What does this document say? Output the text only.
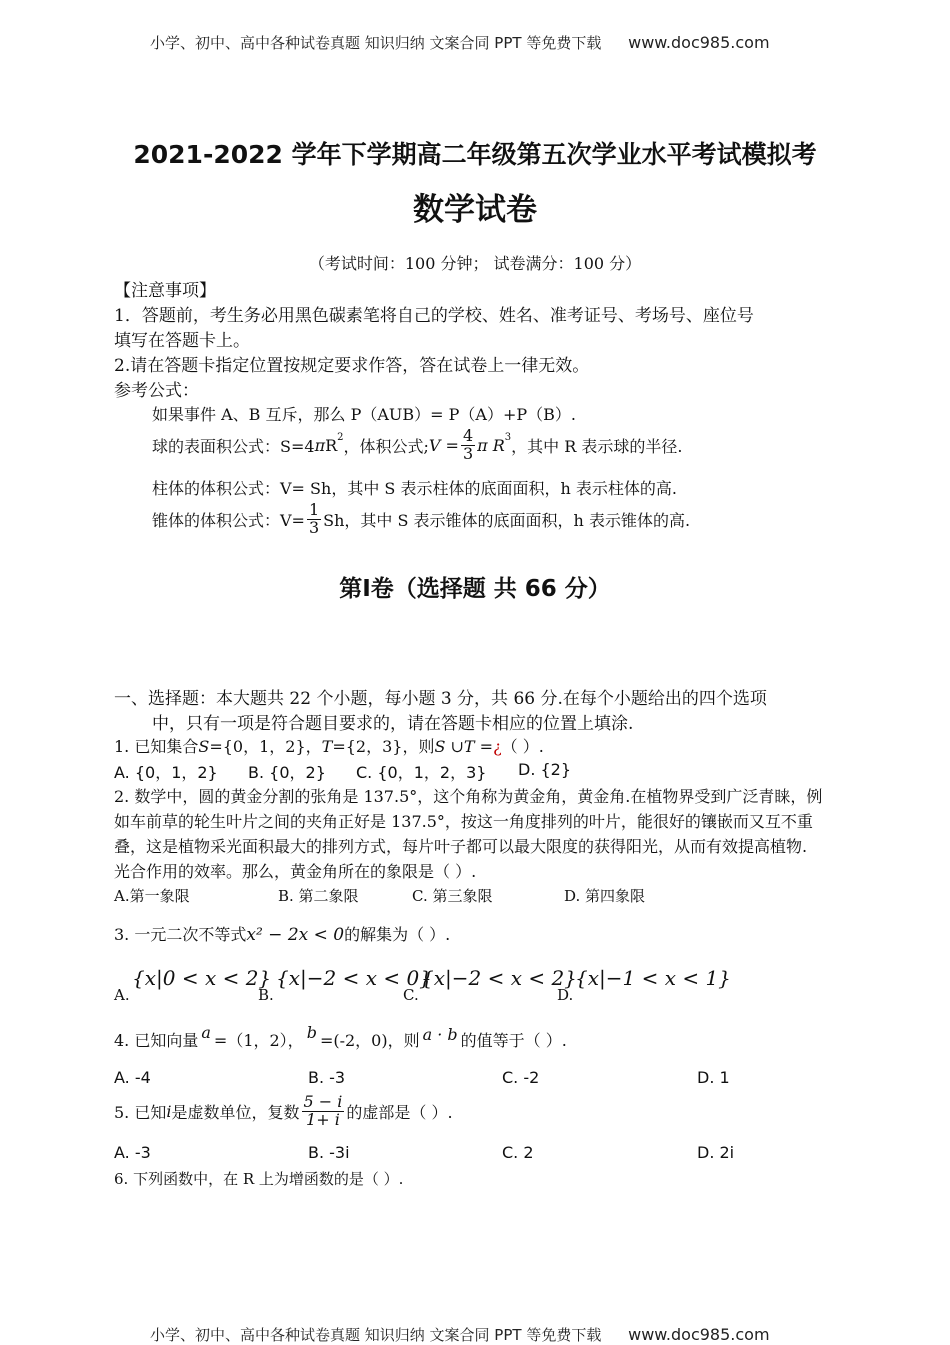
小学、初中、高中各种试卷真题 知识归纳 文案合同 PPT 等免费下载 www.doc985.com
2021-2022 学年下学期高二年级第五次学业水平考试模拟考
数学试卷
（考试时间：100 分钟； 试卷满分：100 分）
【注意事项】
1．答题前，考生务必用黑色碳素笔将自己的学校、姓名、准考证号、考场号、座位号
填写在答题卡上。
2.请在答题卡指定位置按规定要求作答，答在试卷上一律无效。
参考公式：
如果事件 A、B 互斥，那么 P（AUB）= P（A）+P（B）.
球的表面积公式：S=4 π $R^2$ ，体积公式; $V = \frac{4}{3}$ π $R^3$ ，其中 R 表示球的半径.
柱体的体积公式：V= Sh，其中 S 表示柱体的底面面积，h 表示柱体的高.
锥体的体积公式：$V= \frac{1}{3}$ Sh，其中 S 表示锥体的底面面积，h 表示锥体的高.
第Ⅰ卷（选择题 共 66 分）
一、选择题：本大题共 22 个小题，每小题 3 分，共 66 分.在每个小题给出的四个选项
中，只有一项是符合题目要求的，请在答题卡相应的位置上填涂.
1. 已知集合S={0，1，2}，T={2，3}，则S ∪T =¿（ ）.
A. {0，1，2} B. {0，2} C. {0，1，2，3} D. {2}
2. 数学中，圆的黄金分割的张角是 137.5°，这个角称为黄金角，黄金角.在植物界受到广泛青睐，例
如车前草的轮生叶片之间的夹角正好是 137.5°，按这一角度排列的叶片，能很好的镶嵌而又互不重
叠，这是植物采光面积最大的排列方式，每片叶子都可以最大限度的获得阳光，从而有效提高植物.
光合作用的效率。那么，黄金角所在的象限是（ ）.
A.第一象限	B. 第二象限	C. 第三象限	D. 第四象限
3. 一元二次不等式x² − 2x < 0的解集为（ ）.
A.
{x|0 < x < 2}
B.
{x|−2 < x < 0}
C.
{x|−2 < x < 2}
D.
{x|−1 < x < 1}
4. 已知向量 a =（1，2）， b =(-2，0)，则 a · b 的值等于（ ）.
A. -4	B. -3	C. -2	D. 1
5. 已知 i 是虚数单位，复数 $\frac{5 - i}{1+ i}$ 的虚部是（ ）.
A. -3	B. -3i	C. 2	D. 2i
6. 下列函数中，在 R 上为增函数的是（ ）.
小学、初中、高中各种试卷真题 知识归纳 文案合同 PPT 等免费下载 www.doc985.com
